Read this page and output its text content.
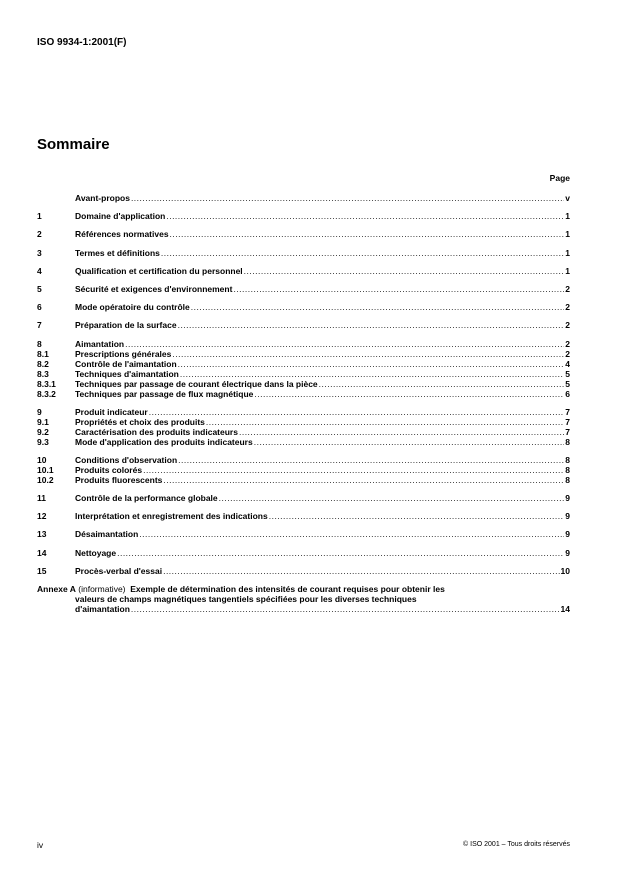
ISO 9934-1:2001(F)
Sommaire
Page
Avant-propos .....	v
1	Domaine d'application .....	1
2	Références normatives .....	1
3	Termes et définitions .....	1
4	Qualification et certification du personnel .....	1
5	Sécurité et exigences d'environnement .....	2
6	Mode opératoire du contrôle .....	2
7	Préparation de la surface .....	2
8	Aimantation .....	2
8.1	Prescriptions générales .....	2
8.2	Contrôle de l'aimantation .....	4
8.3	Techniques d'aimantation .....	5
8.3.1	Techniques par passage de courant électrique dans la pièce .....	5
8.3.2	Techniques par passage de flux magnétique .....	6
9	Produit indicateur .....	7
9.1	Propriétés et choix des produits .....	7
9.2	Caractérisation des produits indicateurs .....	7
9.3	Mode d'application des produits indicateurs .....	8
10	Conditions d'observation .....	8
10.1	Produits colorés .....	8
10.2	Produits fluorescents .....	8
11	Contrôle de la performance globale .....	9
12	Interprétation et enregistrement des indications .....	9
13	Désaimantation .....	9
14	Nettoyage .....	9
15	Procès-verbal d'essai .....	10
Annexe A
(informative)
Exemple de détermination des intensités de courant requises pour obtenir les
valeurs de champs magnétiques tangentiels spécifiées pour les diverses techniques
d'aimantation .....	14
iv	© ISO 2001 – Tous droits réservés
